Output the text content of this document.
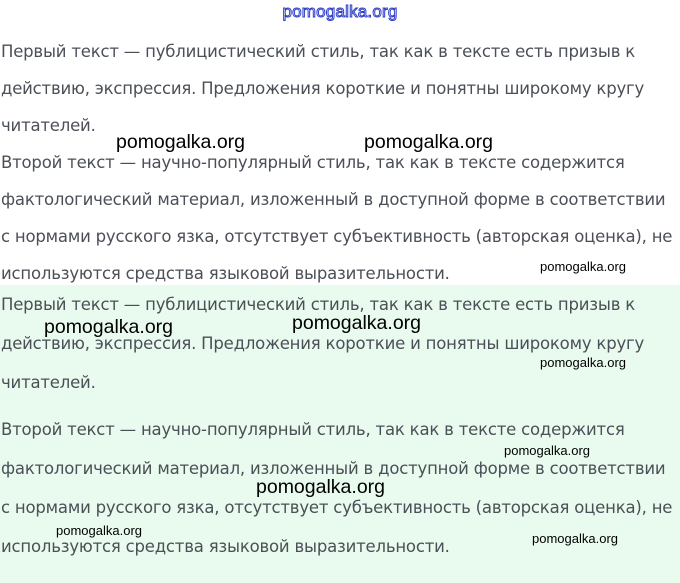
pomogalka.org

Первый текст — публицистический стиль, так как в тексте есть призыв к действию, экспрессия. Предложения короткие и понятны широкому кругу читателей.

Второй текст — научно-популярный стиль, так как в тексте содержится фактологический материал, изложенный в доступной форме в соответствии с нормами русского язка, отсутствует субъективность (авторская оценка), не используются средства языковой выразительности.

Первый текст — публицистический стиль, так как в тексте есть призыв к действию, экспрессия. Предложения короткие и понятны широкому кругу читателей.

Второй текст — научно-популярный стиль, так как в тексте содержится фактологический материал, изложенный в доступной форме в соответствии с нормами русского язка, отсутствует субъективность (авторская оценка), не используются средства языковой выразительности.

pomogalka.org	pomogalka.org
pomogalka.org
pomogalka.org	pomogalka.org
pomogalka.org
pomogalka.org
pomogalka.org
pomogalka.org
pomogalka.org
